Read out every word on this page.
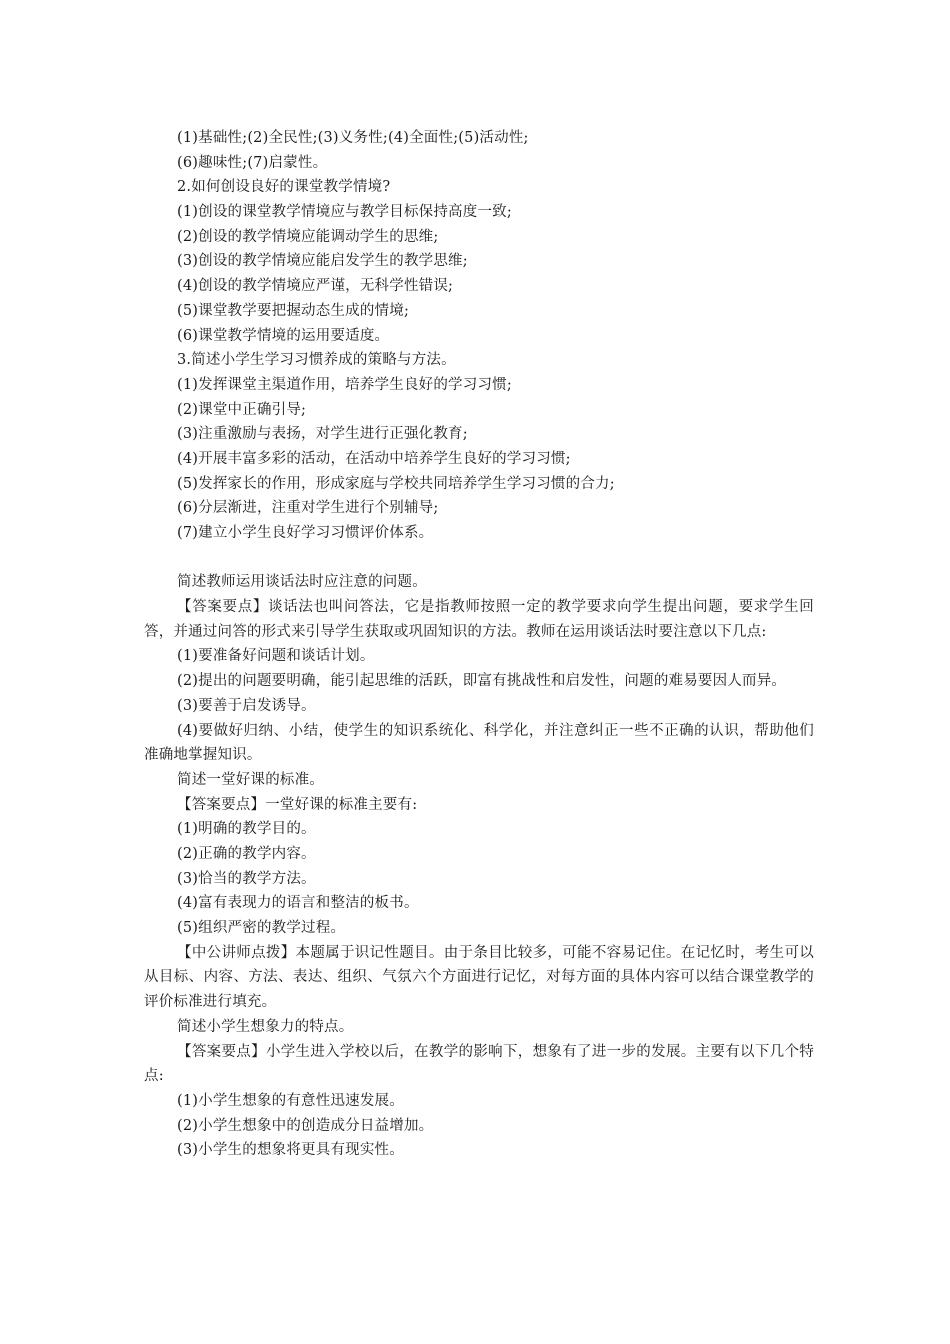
(1)基础性;(2)全民性;(3)义务性;(4)全面性;(5)活动性;
(6)趣味性;(7)启蒙性。
2.如何创设良好的课堂教学情境?
(1)创设的课堂教学情境应与教学目标保持高度一致;
(2)创设的教学情境应能调动学生的思维;
(3)创设的教学情境应能启发学生的教学思维;
(4)创设的教学情境应严谨，无科学性错误;
(5)课堂教学要把握动态生成的情境;
(6)课堂教学情境的运用要适度。
3.简述小学生学习习惯养成的策略与方法。
(1)发挥课堂主渠道作用，培养学生良好的学习习惯;
(2)课堂中正确引导;
(3)注重激励与表扬，对学生进行正强化教育;
(4)开展丰富多彩的活动，在活动中培养学生良好的学习习惯;
(5)发挥家长的作用，形成家庭与学校共同培养学生学习习惯的合力;
(6)分层渐进，注重对学生进行个别辅导;
(7)建立小学生良好学习习惯评价体系。
简述教师运用谈话法时应注意的问题。
【答案要点】谈话法也叫问答法，它是指教师按照一定的教学要求向学生提出问题，要求学生回答，并通过问答的形式来引导学生获取或巩固知识的方法。教师在运用谈话法时要注意以下几点:
(1)要准备好问题和谈话计划。
(2)提出的问题要明确，能引起思维的活跃，即富有挑战性和启发性，问题的难易要因人而异。
(3)要善于启发诱导。
(4)要做好归纳、小结，使学生的知识系统化、科学化，并注意纠正一些不正确的认识，帮助他们准确地掌握知识。
简述一堂好课的标准。
【答案要点】一堂好课的标准主要有:
(1)明确的教学目的。
(2)正确的教学内容。
(3)恰当的教学方法。
(4)富有表现力的语言和整洁的板书。
(5)组织严密的教学过程。
【中公讲师点拨】本题属于识记性题目。由于条目比较多，可能不容易记住。在记忆时，考生可以从目标、内容、方法、表达、组织、气氛六个方面进行记忆，对每方面的具体内容可以结合课堂教学的评价标准进行填充。
简述小学生想象力的特点。
【答案要点】小学生进入学校以后，在教学的影响下，想象有了进一步的发展。主要有以下几个特点:
(1)小学生想象的有意性迅速发展。
(2)小学生想象中的创造成分日益增加。
(3)小学生的想象将更具有现实性。
